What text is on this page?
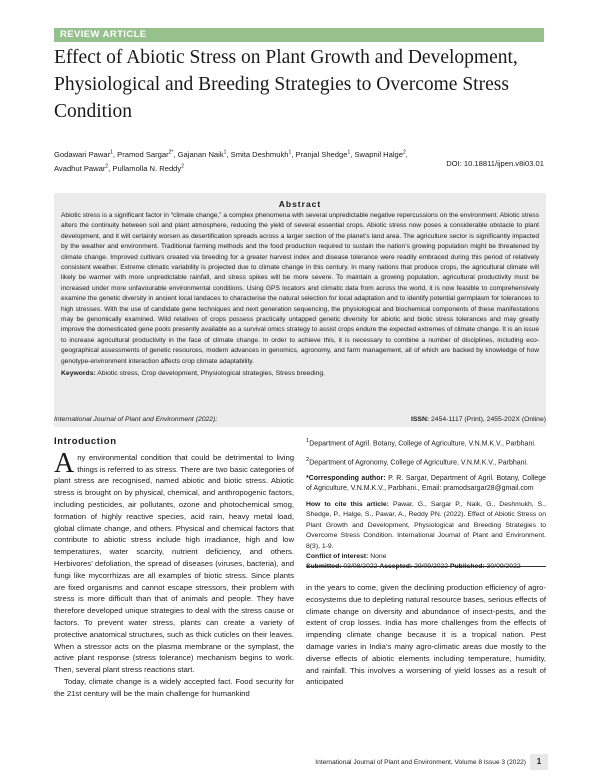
REVIEW ARTICLE
Effect of Abiotic Stress on Plant Growth and Development, Physiological and Breeding Strategies to Overcome Stress Condition
Godawari Pawar$^1$, Pramod Sargar$^{2*}$, Gajanan Naik$^1$, Smita Deshmukh$^1$, Pranjal Shedge$^1$, Swapnil Halge$^2$,
Avadhut Pawar$^2$, Pullamolla N. Reddy$^2$	DOI: 10.18811/ijpen.v8i03.01
Abstract

Abiotic stress is a significant factor in “climate change,” a complex phenomena with several unpredictable negative repercussions on the environment. Abiotic stress alters the continuity between soil and plant atmosphere, reducing the yield of several essential crops. Abiotic stress now poses a considerable obstacle to plant development, and it will certainly worsen as desertification spreads across a larger section of the planet’s land area. The agriculture sector is significantly impacted by the weather and environment. Traditional farming methods and the food production required to sustain the nation’s growing population might be threatened by climate change. Improved cultivars created via breeding for a greater harvest index and disease tolerance were readily embraced during this period of relatively consistent weather. Extreme climatic variability is projected due to climate change in this century. In many nations that produce crops, the agricultural climate will likely be warmer with more unpredictable rainfall, and stress spikes will be more severe. To maintain a growing population, agricultural productivity must be increased under more unfavourable environmental conditions. Using GPS locators and climatic data from across the world, it is now feasible to comprehensively examine the genetic diversity in ancient local landaces to characterise the natural selection for local adaptation and to identify potential germplasm for tolerances to high stresses. With the use of candidate gene techniques and next generation sequencing, the physiological and biochemical components of these manifestations may be genomically examined. Wild relatives of crops possess practically untapped genetic diversity for abiotic and biotic stress tolerances and may greatly improve the domesticated gene pools presently available as a survival omics strategy to assist crops endure the expected extremes of climate change. It is an issue to increase agricultural productivity in the face of climate change. In order to achieve this, it is necessary to combine a number of disciplines, including eco-geographical assessments of genetic resources, modern advances in genomics, agronomy, and farm management, all of which are backed by knowledge of how genotype-environment interaction affects crop climate adaptability.

Keywords: Abiotic stress, Crop development, Physiological strategies, Stress breeding.
International Journal of Plant and Environment (2022);	ISSN: 2454-1117 (Print), 2455-202X (Online)
Introduction

Any environmental condition that could be detrimental to living things is referred to as stress. There are two basic categories of plant stress are recognised, named abiotic and biotic stress. Abiotic stress is brought on by physical, chemical, and anthropogenic factors, including pesticides, air pollutants, ozone and photochemical smog, formation of highly reactive species, acid rain, heavy metal load, global climate change, and others. Physical and chemical factors that contribute to abiotic stress include high irradiance, high and low temperatures, water scarcity, nutrient deficiency, and others. Herbivores’ defoliation, the spread of diseases (viruses, bacteria), and fungi like mycorrhizas are all examples of biotic stress. Since plants are fixed organisms and cannot escape stressors, their problem with stress is more difficult than that of animals and people. They have therefore developed unique strategies to deal with the stress cause or factors. To prevent water stress, plants can create a variety of protective anatomical structures, such as thick cuticles on their leaves. When a stressor acts on the plasma membrane or the symplast, the active plant response (stress tolerance) mechanism begins to work. Then, several plant stress reactions start.

Today, climate change is a widely accepted fact. Food security for the 21st century will be the main challenge for humankind

$^1$Department of Agril. Botany, College of Agriculture, V.N.M.K.V., Parbhani.

$^2$Department of Agronomy, College of Agriculture, V.N.M.K.V., Parbhani.

*Corresponding author: P. R. Sargar, Department of Agril. Botany, College of Agriculture, V.N.M.K.V., Parbhani., Email: pramodsargar28@gmail.com

How to cite this article: Pawar, G., Sargar P., Naik, G., Deshmukh, S., Shedge, P., Halge, S., Pawar, A., Reddy PN. (2022). Effect of Abiotic Stress on Plant Growth and Development, Physiological and Breeding Strategies to Overcome Stress Condition. International Journal of Plant and Environment. 8(3), 1-9.

Conflict of interest: None

Submitted: 03/08/2022 Accepted: 29/09/2022 Published: 30/09/2022

in the years to come, given the declining production efficiency of agro-ecosystems due to depleting natural resource bases, serious effects of climate change on diversity and abundance of insect-pests, and the extent of crop losses. India has more challenges from the effects of impending climate change because it is a tropical nation. Pest damage varies in India’s many agro-climatic areas due mostly to the diverse effects of abiotic elements including temperature, humidity, and rainfall. This involves a worsening of yield losses as a result of anticipated

International Journal of Plant and Environment, Volume 8 Issue 3 (2022)	1
